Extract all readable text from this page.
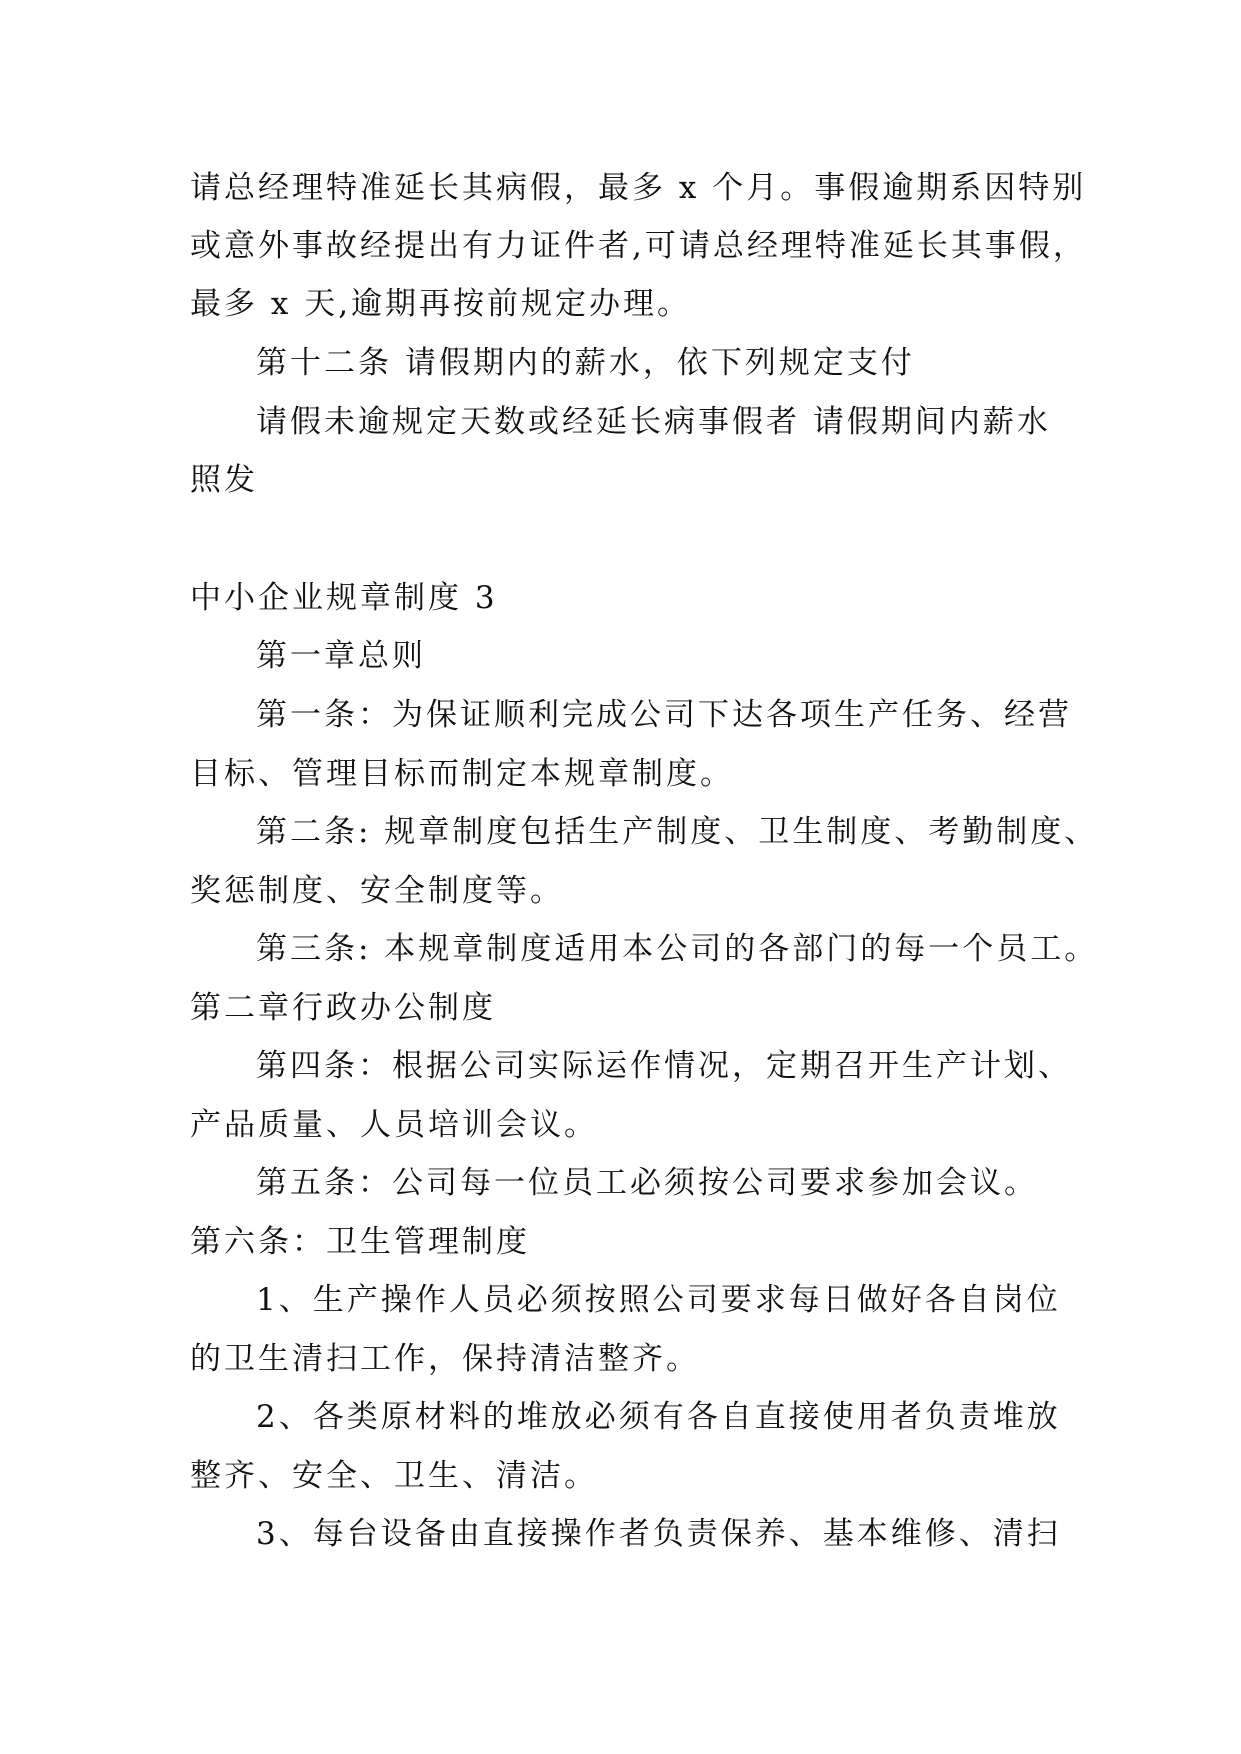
请总经理特准延长其病假，最多 x 个月。事假逾期系因特别
或意外事故经提出有力证件者,可请总经理特准延长其事假，
最多 x 天,逾期再按前规定办理。
第十二条 请假期内的薪水，依下列规定支付
请假未逾规定天数或经延长病事假者 请假期间内薪水
照发
中小企业规章制度 3
第一章总则
第一条：为保证顺利完成公司下达各项生产任务、经营
目标、管理目标而制定本规章制度。
第二条: 规章制度包括生产制度、卫生制度、考勤制度、
奖惩制度、安全制度等。
第三条: 本规章制度适用本公司的各部门的每一个员工。
第二章行政办公制度
第四条：根据公司实际运作情况，定期召开生产计划、
产品质量、人员培训会议。
第五条：公司每一位员工必须按公司要求参加会议。
第六条：卫生管理制度
1、生产操作人员必须按照公司要求每日做好各自岗位
的卫生清扫工作，保持清洁整齐。
2、各类原材料的堆放必须有各自直接使用者负责堆放
整齐、安全、卫生、清洁。
3、每台设备由直接操作者负责保养、基本维修、清扫
